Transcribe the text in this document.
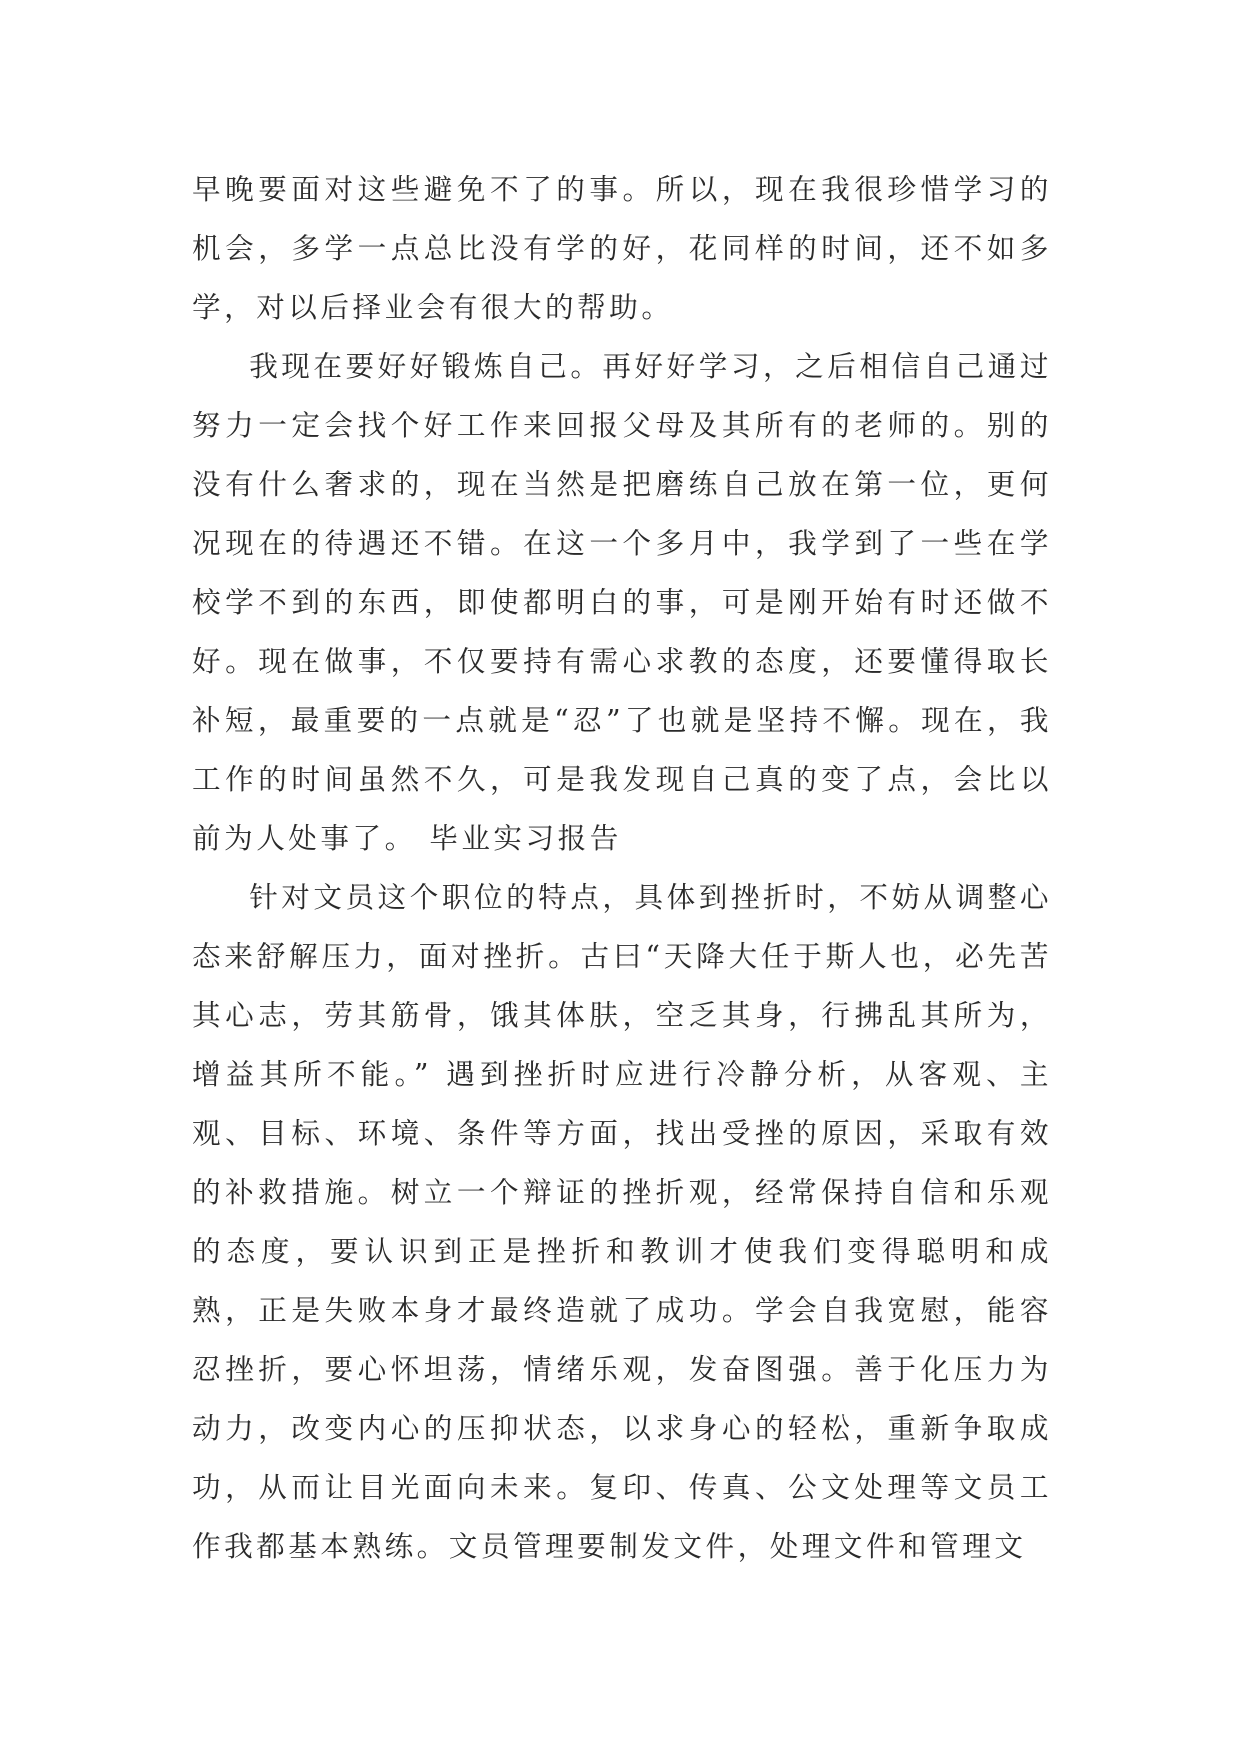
早晚要面对这些避免不了的事。所以，现在我很珍惜学习的机会，多学一点总比没有学的好，花同样的时间，还不如多学，对以后择业会有很大的帮助。

我现在要好好锻炼自己。再好好学习，之后相信自己通过努力一定会找个好工作来回报父母及其所有的老师的。别的没有什么奢求的，现在当然是把磨练自己放在第一位，更何况现在的待遇还不错。在这一个多月中，我学到了一些在学校学不到的东西，即使都明白的事，可是刚开始有时还做不好。现在做事，不仅要持有需心求教的态度，还要懂得取长补短，最重要的一点就是“忍”了也就是坚持不懈。现在，我工作的时间虽然不久，可是我发现自己真的变了点，会比以前为人处事了。 毕业实习报告

针对文员这个职位的特点，具体到挫折时，不妨从调整心态来舒解压力，面对挫折。古曰“天降大任于斯人也，必先苦其心志，劳其筋骨，饿其体肤，空乏其身，行拂乱其所为，增益其所不能。” 遇到挫折时应进行冷静分析，从客观、主观、目标、环境、条件等方面，找出受挫的原因，采取有效的补救措施。树立一个辩证的挫折观，经常保持自信和乐观的态度，要认识到正是挫折和教训才使我们变得聪明和成熟，正是失败本身才最终造就了成功。学会自我宽慰，能容忍挫折，要心怀坦荡，情绪乐观，发奋图强。善于化压力为动力，改变内心的压抑状态，以求身心的轻松，重新争取成功，从而让目光面向未来。复印、传真、公文处理等文员工作我都基本熟练。文员管理要制发文件，处理文件和管理文
